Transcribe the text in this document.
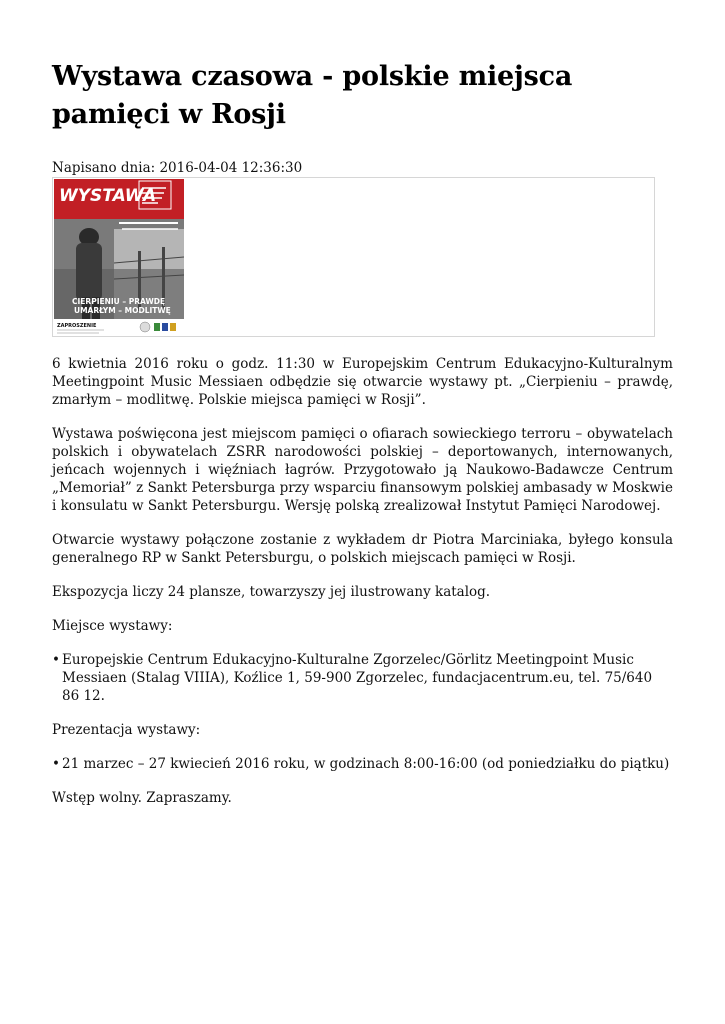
Wystawa czasowa - polskie miejsca pamięci w Rosji
Napisano dnia: 2016-04-04 12:36:30
WYSTAWA
CIERPIENIU – PRAWDĘ
UMARŁYM – MODLITWĘ
ZAPROSZENIE

6 kwietnia 2016 roku o godz. 11:30 w Europejskim Centrum Edukacyjno-Kulturalnym Meetingpoint Music Messiaen odbędzie się otwarcie wystawy pt. „Cierpieniu – prawdę, zmarłym – modlitwę. Polskie miejsca pamięci w Rosji”.

Wystawa poświęcona jest miejscom pamięci o ofiarach sowieckiego terroru – obywatelach polskich i obywatelach ZSRR narodowości polskiej – deportowanych, internowanych, jeńcach wojennych i więźniach łagrów. Przygotowało ją Naukowo-Badawcze Centrum „Memoriał” z Sankt Petersburga przy wsparciu finansowym polskiej ambasady w Moskwie i konsulatu w Sankt Petersburgu. Wersję polską zrealizował Instytut Pamięci Narodowej.

Otwarcie wystawy połączone zostanie z wykładem dr Piotra Marciniaka, byłego konsula generalnego RP w Sankt Petersburgu, o polskich miejscach pamięci w Rosji.

Ekspozycja liczy 24 plansze, towarzyszy jej ilustrowany katalog.

Miejsce wystawy:

• Europejskie Centrum Edukacyjno-Kulturalne Zgorzelec/Görlitz Meetingpoint Music Messiaen (Stalag VIIIA), Koźlice 1, 59-900 Zgorzelec, fundacjacentrum.eu, tel. 75/640 86 12.

Prezentacja wystawy:

• 21 marzec – 27 kwiecień 2016 roku, w godzinach 8:00-16:00 (od poniedziałku do piątku)

Wstęp wolny. Zapraszamy.
